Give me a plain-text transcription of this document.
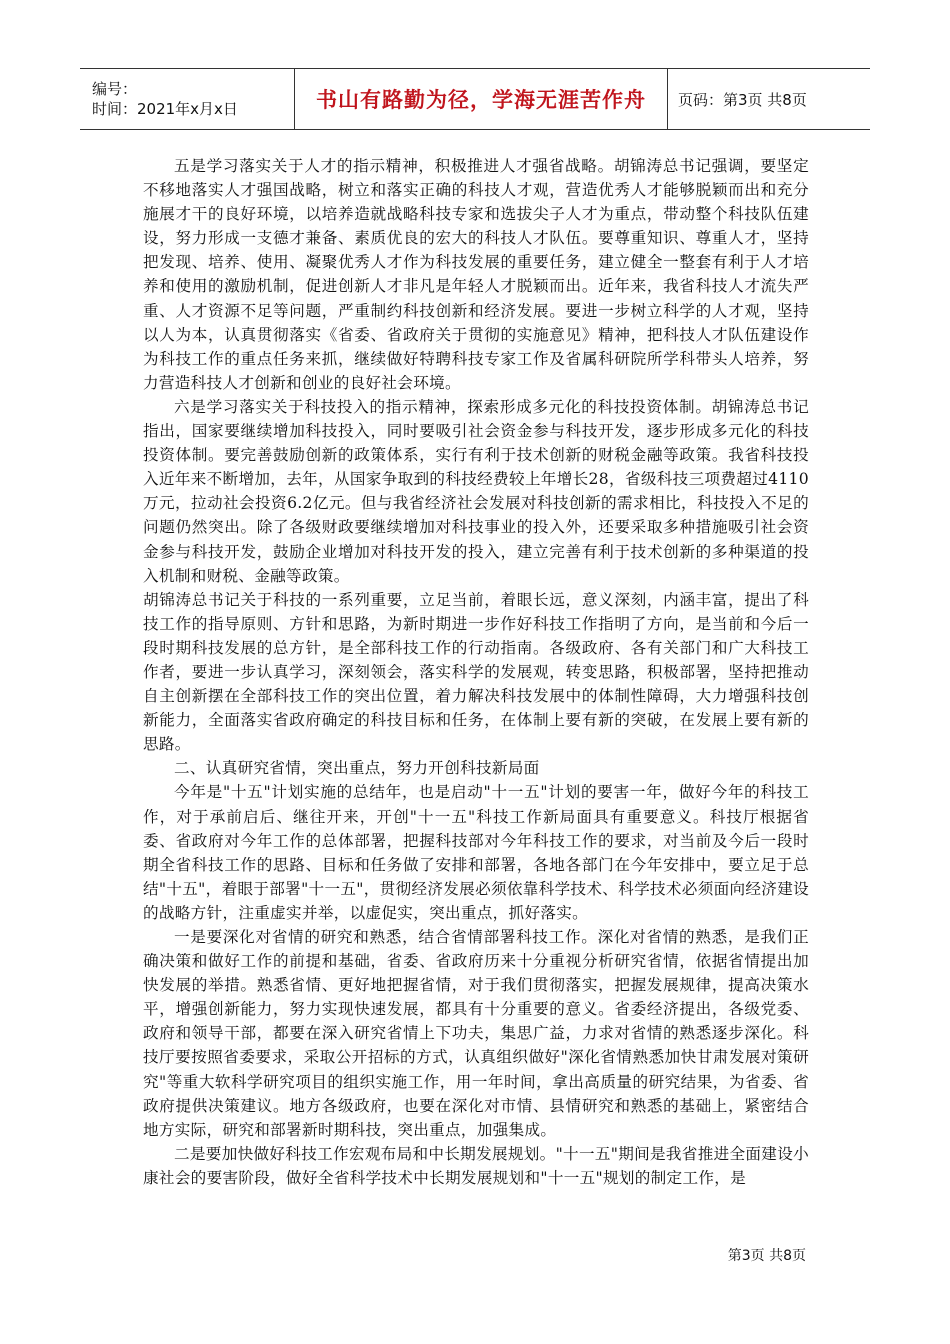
编号：
时间：2021年x月x日	书山有路勤为径，学海无涯苦作舟 页码：第3页 共8页

五是学习落实关于人才的指示精神，积极推进人才强省战略。胡锦涛总书记强调，要坚定不移地落实人才强国战略，树立和落实正确的科技人才观，营造优秀人才能够脱颖而出和充分施展才干的良好环境，以培养造就战略科技专家和选拔尖子人才为重点，带动整个科技队伍建设，努力形成一支德才兼备、素质优良的宏大的科技人才队伍。要尊重知识、尊重人才，坚持把发现、培养、使用、凝聚优秀人才作为科技发展的重要任务，建立健全一整套有利于人才培养和使用的激励机制，促进创新人才非凡是年轻人才脱颖而出。近年来，我省科技人才流失严重、人才资源不足等问题，严重制约科技创新和经济发展。要进一步树立科学的人才观，坚持以人为本，认真贯彻落实《省委、省政府关于贯彻的实施意见》精神，把科技人才队伍建设作为科技工作的重点任务来抓，继续做好特聘科技专家工作及省属科研院所学科带头人培养，努力营造科技人才创新和创业的良好社会环境。

六是学习落实关于科技投入的指示精神，探索形成多元化的科技投资体制。胡锦涛总书记指出，国家要继续增加科技投入，同时要吸引社会资金参与科技开发，逐步形成多元化的科技投资体制。要完善鼓励创新的政策体系，实行有利于技术创新的财税金融等政策。我省科技投入近年来不断增加，去年，从国家争取到的科技经费较上年增长28，省级科技三项费超过4110万元，拉动社会投资6.2亿元。但与我省经济社会发展对科技创新的需求相比，科技投入不足的问题仍然突出。除了各级财政要继续增加对科技事业的投入外，还要采取多种措施吸引社会资金参与科技开发，鼓励企业增加对科技开发的投入，建立完善有利于技术创新的多种渠道的投入机制和财税、金融等政策。

胡锦涛总书记关于科技的一系列重要，立足当前，着眼长远，意义深刻，内涵丰富，提出了科技工作的指导原则、方针和思路，为新时期进一步作好科技工作指明了方向，是当前和今后一段时期科技发展的总方针，是全部科技工作的行动指南。各级政府、各有关部门和广大科技工作者，要进一步认真学习，深刻领会，落实科学的发展观，转变思路，积极部署，坚持把推动自主创新摆在全部科技工作的突出位置，着力解决科技发展中的体制性障碍，大力增强科技创新能力，全面落实省政府确定的科技目标和任务，在体制上要有新的突破，在发展上要有新的思路。

二、认真研究省情，突出重点，努力开创科技新局面

今年是"十五"计划实施的总结年，也是启动"十一五"计划的要害一年，做好今年的科技工作，对于承前启后、继往开来，开创"十一五"科技工作新局面具有重要意义。科技厅根据省委、省政府对今年工作的总体部署，把握科技部对今年科技工作的要求，对当前及今后一段时期全省科技工作的思路、目标和任务做了安排和部署，各地各部门在今年安排中，要立足于总结"十五"，着眼于部署"十一五"，贯彻经济发展必须依靠科学技术、科学技术必须面向经济建设的战略方针，注重虚实并举，以虚促实，突出重点，抓好落实。

一是要深化对省情的研究和熟悉，结合省情部署科技工作。深化对省情的熟悉，是我们正确决策和做好工作的前提和基础，省委、省政府历来十分重视分析研究省情，依据省情提出加快发展的举措。熟悉省情、更好地把握省情，对于我们贯彻落实，把握发展规律，提高决策水平，增强创新能力，努力实现快速发展，都具有十分重要的意义。省委经济提出，各级党委、政府和领导干部，都要在深入研究省情上下功夫，集思广益，力求对省情的熟悉逐步深化。科技厅要按照省委要求，采取公开招标的方式，认真组织做好"深化省情熟悉加快甘肃发展对策研究"等重大软科学研究项目的组织实施工作，用一年时间，拿出高质量的研究结果，为省委、省政府提供决策建议。地方各级政府，也要在深化对市情、县情研究和熟悉的基础上，紧密结合地方实际，研究和部署新时期科技，突出重点，加强集成。

二是要加快做好科技工作宏观布局和中长期发展规划。"十一五"期间是我省推进全面建设小康社会的要害阶段，做好全省科学技术中长期发展规划和"十一五"规划的制定工作，是

第3页 共8页
